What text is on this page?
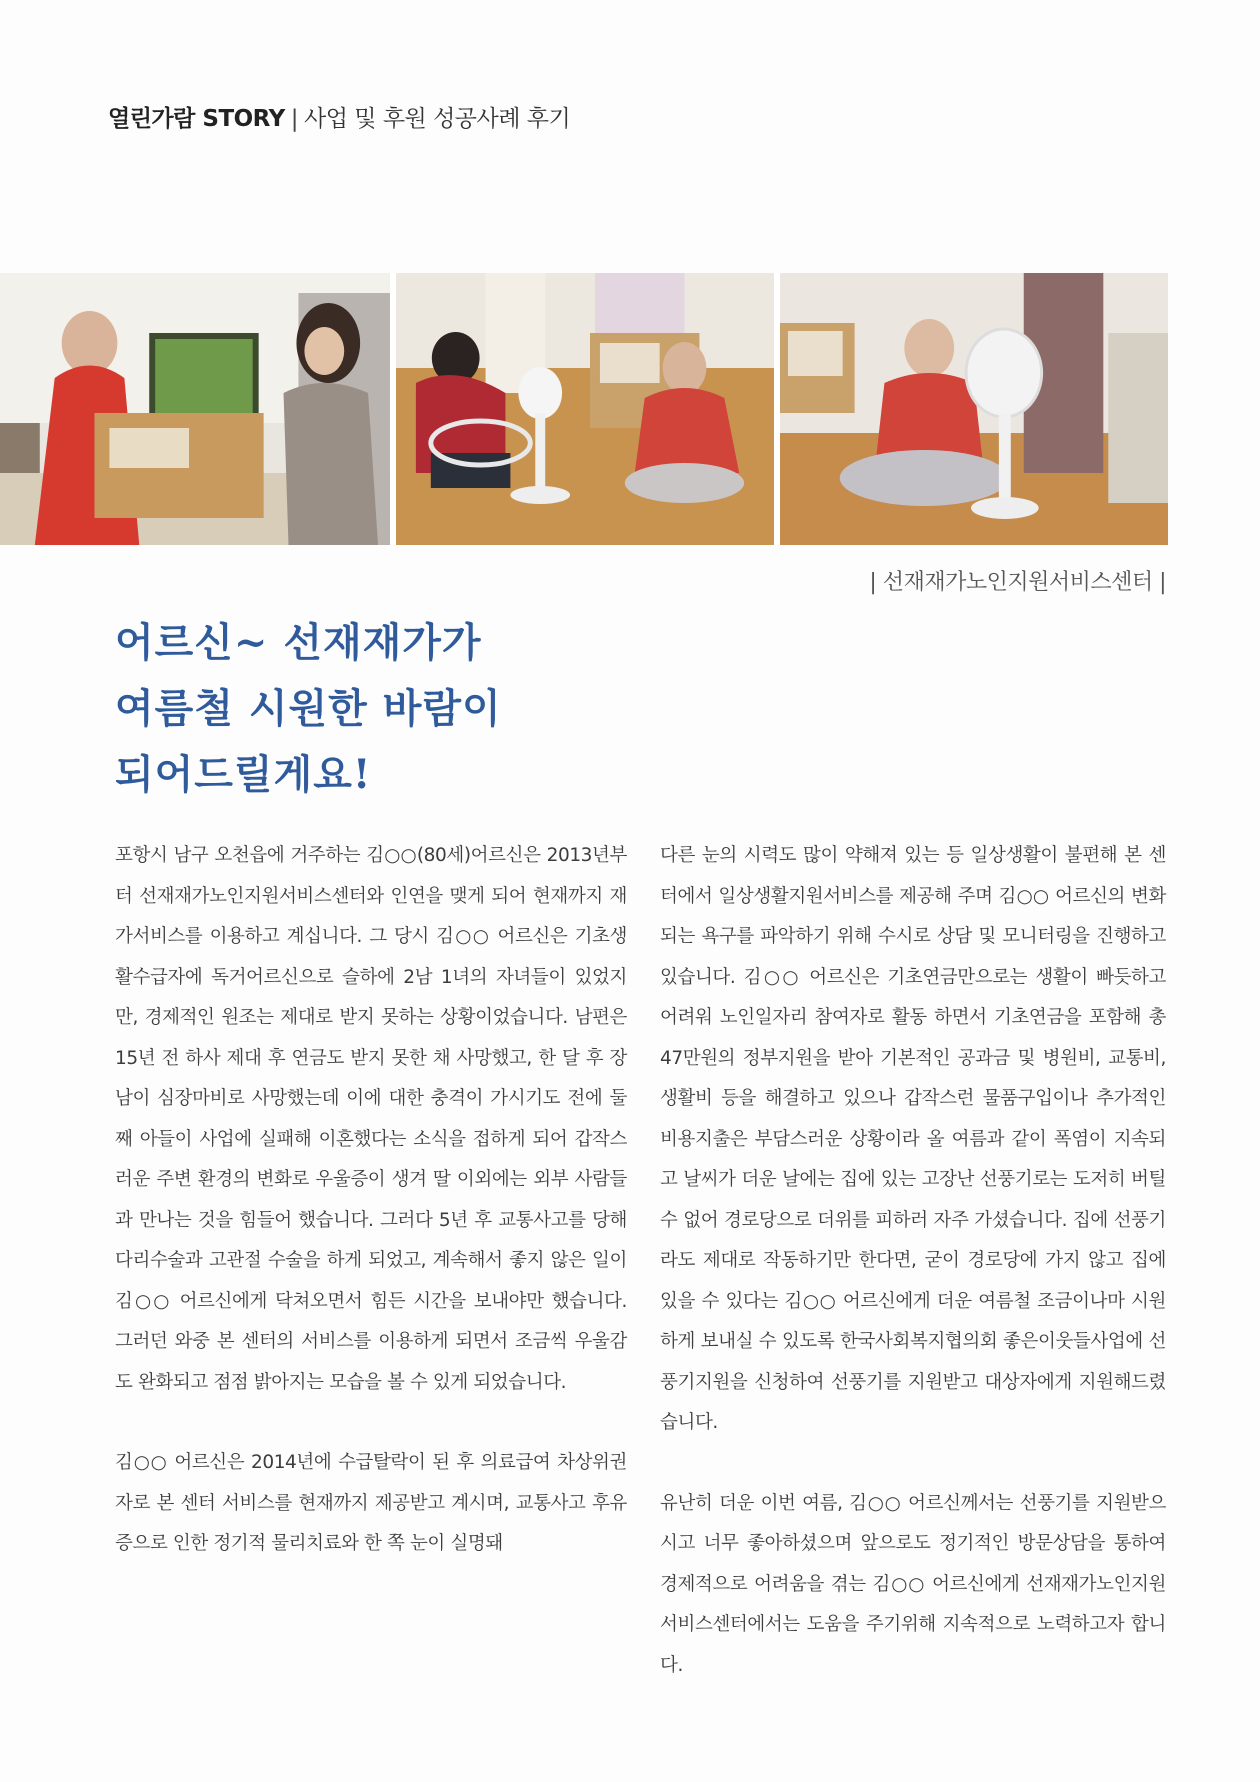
열린가람 STORY | 사업 및 후원 성공사례 후기
| 선재재가노인지원서비스센터 |
어르신~ 선재재가가
여름철 시원한 바람이
되어드릴게요!

포항시 남구 오천읍에 거주하는 김○○(80세)어르신은 2013년부터 선재재가노인지원서비스센터와 인연을 맺게 되어 현재까지 재가서비스를 이용하고 계십니다. 그 당시 김○○ 어르신은 기초생활수급자에 독거어르신으로 슬하에 2남 1녀의 자녀들이 있었지만, 경제적인 원조는 제대로 받지 못하는 상황이었습니다. 남편은 15년 전 하사 제대 후 연금도 받지 못한 채 사망했고, 한 달 후 장남이 심장마비로 사망했는데 이에 대한 충격이 가시기도 전에 둘째 아들이 사업에 실패해 이혼했다는 소식을 접하게 되어 갑작스러운 주변 환경의 변화로 우울증이 생겨 딸 이외에는 외부 사람들과 만나는 것을 힘들어 했습니다. 그러다 5년 후 교통사고를 당해 다리수술과 고관절 수술을 하게 되었고, 계속해서 좋지 않은 일이 김○○ 어르신에게 닥쳐오면서 힘든 시간을 보내야만 했습니다. 그러던 와중 본 센터의 서비스를 이용하게 되면서 조금씩 우울감도 완화되고 점점 밝아지는 모습을 볼 수 있게 되었습니다.

김○○ 어르신은 2014년에 수급탈락이 된 후 의료급여 차상위권자로 본 센터 서비스를 현재까지 제공받고 계시며, 교통사고 후유증으로 인한 정기적 물리치료와 한 쪽 눈이 실명돼

다른 눈의 시력도 많이 약해져 있는 등 일상생활이 불편해 본 센터에서 일상생활지원서비스를 제공해 주며 김○○ 어르신의 변화되는 욕구를 파악하기 위해 수시로 상담 및 모니터링을 진행하고 있습니다. 김○○ 어르신은 기초연금만으로는 생활이 빠듯하고 어려워 노인일자리 참여자로 활동 하면서 기초연금을 포함해 총 47만원의 정부지원을 받아 기본적인 공과금 및 병원비, 교통비, 생활비 등을 해결하고 있으나 갑작스런 물품구입이나 추가적인 비용지출은 부담스러운 상황이라 올 여름과 같이 폭염이 지속되고 날씨가 더운 날에는 집에 있는 고장난 선풍기로는 도저히 버틸 수 없어 경로당으로 더위를 피하러 자주 가셨습니다. 집에 선풍기라도 제대로 작동하기만 한다면, 굳이 경로당에 가지 않고 집에 있을 수 있다는 김○○ 어르신에게 더운 여름철 조금이나마 시원하게 보내실 수 있도록 한국사회복지협의회 좋은이웃들사업에 선풍기지원을 신청하여 선풍기를 지원받고 대상자에게 지원해드렸습니다.

유난히 더운 이번 여름, 김○○ 어르신께서는 선풍기를 지원받으시고 너무 좋아하셨으며 앞으로도 정기적인 방문상담을 통하여 경제적으로 어려움을 겪는 김○○ 어르신에게 선재재가노인지원서비스센터에서는 도움을 주기위해 지속적으로 노력하고자 합니다.
